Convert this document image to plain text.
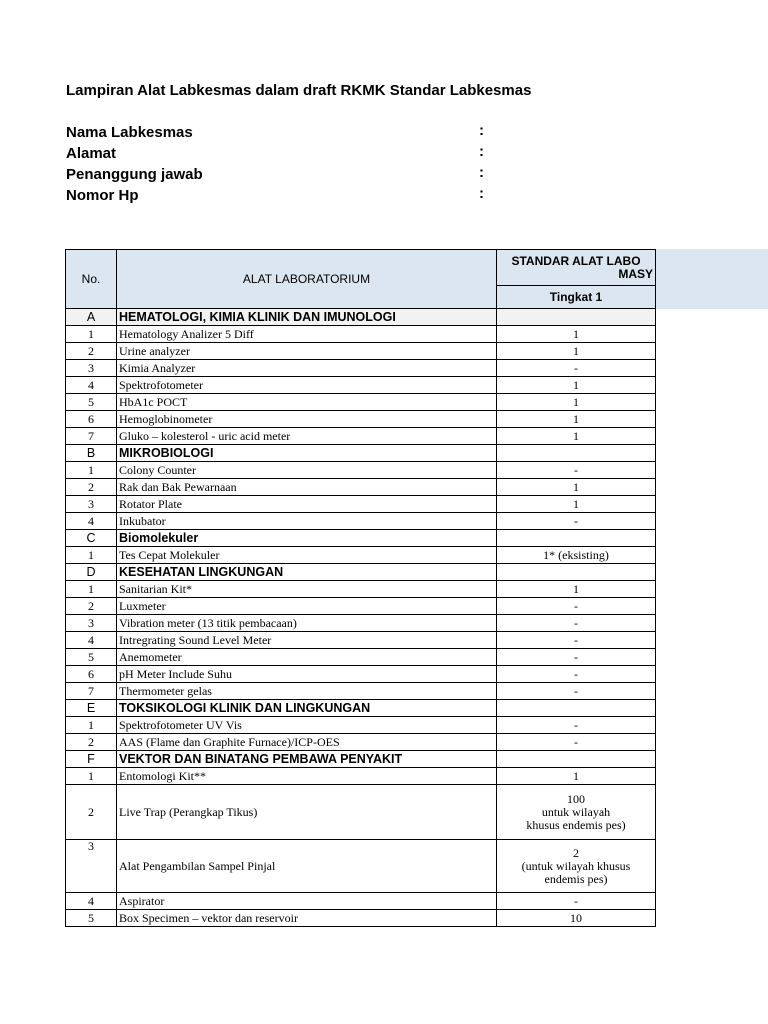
Lampiran Alat Labkesmas dalam draft RKMK Standar Labkesmas
Nama Labkesmas	:
Alamat	:
Penanggung jawab	:
Nomor Hp	:
No.	ALAT LABORATORIUM	STANDAR ALAT LABO
MASY

		Tingkat 1
A	HEMATOLOGI, KIMIA KLINIK DAN IMUNOLOGI	
1	Hematology Analizer 5 Diff	1
2	Urine analyzer	1
3	Kimia Analyzer	-
4	Spektrofotometer	1
5	HbA1c POCT	1
6	Hemoglobinometer	1
7	Gluko – kolesterol - uric acid meter	1
B	MIKROBIOLOGI	
1	Colony Counter	-
2	Rak dan Bak Pewarnaan	1
3	Rotator Plate	1
4	Inkubator	-
C	Biomolekuler	
1	Tes Cepat Molekuler	1* (eksisting)
D	KESEHATAN LINGKUNGAN	
1	Sanitarian Kit*	1
2	Luxmeter	-
3	Vibration meter (13 titik pembacaan)	-
4	Intregrating Sound Level Meter	-
5	Anemometer	-
6	pH Meter Include Suhu	-
7	Thermometer gelas	-
E	TOKSIKOLOGI KLINIK DAN LINGKUNGAN	
1	Spektrofotometer UV Vis	-
2	AAS (Flame dan Graphite Furnace)/ICP-OES	-
F	VEKTOR DAN BINATANG PEMBAWA PENYAKIT	
1	Entomologi Kit**	1
2	Live Trap (Perangkap Tikus)	100
untuk wilayah
khusus endemis pes)
3	Alat Pengambilan Sampel Pinjal	2
(untuk wilayah khusus
endemis pes)
4	Aspirator	-
5	Box Specimen – vektor dan reservoir	10
